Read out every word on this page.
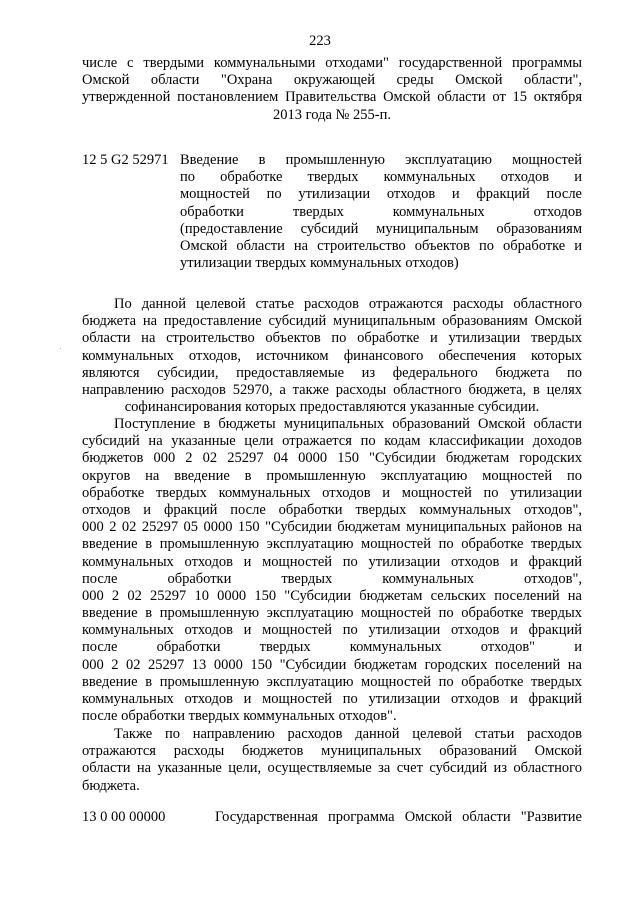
223
числе с твердыми коммунальными отходами" государственной программы
Омской области "Охрана окружающей среды Омской области",
утвержденной постановлением Правительства Омской области от 15 октября
2013 года № 255-п.
12 5 G2 52971 Введение в промышленную эксплуатацию мощностей
по обработке твердых коммунальных отходов и
мощностей по утилизации отходов и фракций после
обработки твердых коммунальных отходов
(предоставление субсидий муниципальным образованиям
Омской области на строительство объектов по обработке и
утилизации твердых коммунальных отходов)
По данной целевой статье расходов отражаются расходы областного
бюджета на предоставление субсидий муниципальным образованиям Омской
области на строительство объектов по обработке и утилизации твердых
коммунальных отходов, источником финансового обеспечения которых
являются субсидии, предоставляемые из федерального бюджета по
направлению расходов 52970, а также расходы областного бюджета, в целях
софинансирования которых предоставляются указанные субсидии.
Поступление в бюджеты муниципальных образований Омской области
субсидий на указанные цели отражается по кодам классификации доходов
бюджетов 000 2 02 25297 04 0000 150 "Субсидии бюджетам городских
округов на введение в промышленную эксплуатацию мощностей по
обработке твердых коммунальных отходов и мощностей по утилизации
отходов и фракций после обработки твердых коммунальных отходов",
000 2 02 25297 05 0000 150 "Субсидии бюджетам муниципальных районов на
введение в промышленную эксплуатацию мощностей по обработке твердых
коммунальных отходов и мощностей по утилизации отходов и фракций
после обработки твердых коммунальных отходов",
000 2 02 25297 10 0000 150 "Субсидии бюджетам сельских поселений на
введение в промышленную эксплуатацию мощностей по обработке твердых
коммунальных отходов и мощностей по утилизации отходов и фракций
после обработки твердых коммунальных отходов" и
000 2 02 25297 13 0000 150 "Субсидии бюджетам городских поселений на
введение в промышленную эксплуатацию мощностей по обработке твердых
коммунальных отходов и мощностей по утилизации отходов и фракций
после обработки твердых коммунальных отходов".
Также по направлению расходов данной целевой статьи расходов
отражаются расходы бюджетов муниципальных образований Омской
области на указанные цели, осуществляемые за счет субсидий из областного
бюджета.
13 0 00 00000	Государственная программа Омской области "Развитие
